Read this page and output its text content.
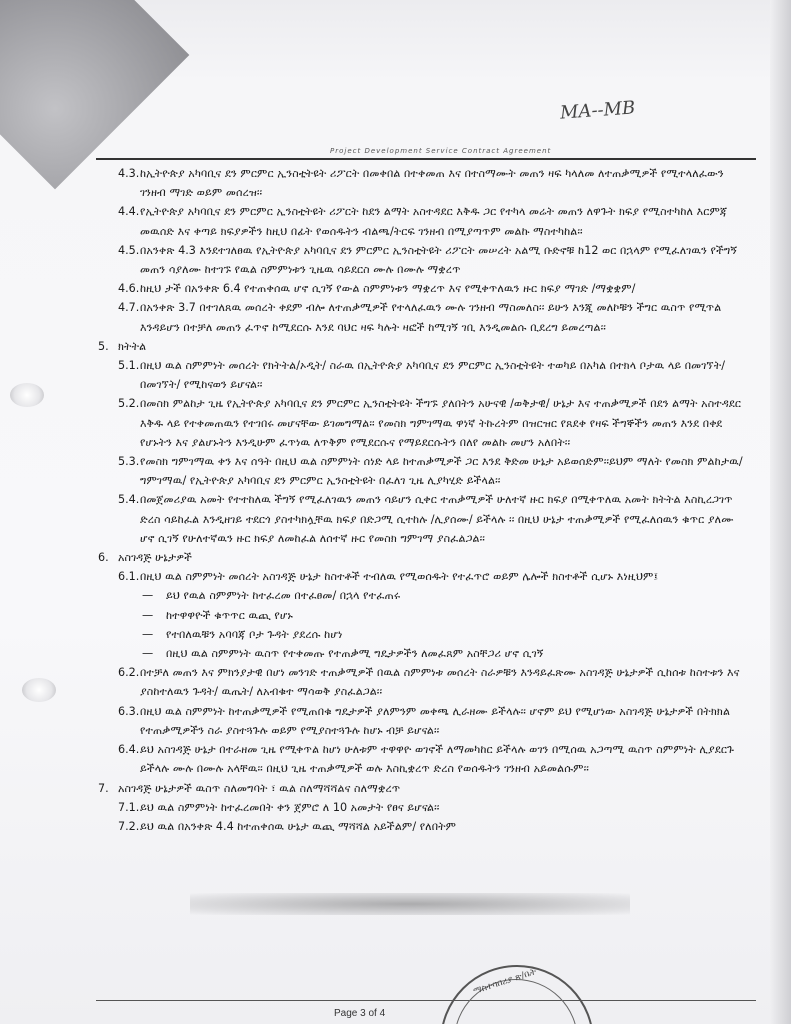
MA--MB
Project Development Service Contract Agreement
4.3. ከኢትዮጵያ አካባቢና ደን ምርምር ኢንስቲትዩት ሪፖርት በመቀበል በተቀመጠ እና በተስማሙት መጠን ዛፍ ካላለመ ለተጠቃሚዎች የሚተላለፈውን ገንዘብ ማገድ ወይም መሰረዝ፡፡
4.4. የኢትዮጵያ አካባቢና ደን ምርምር ኢንስቲትዩት ሪፖርት ከደን ልማት አስተዳደር እቅዱ ጋር የተካላ መሬት መጠን ለዋጉት ክፍያ የሚስተካከለ እርምጃ መዉሰድ እና ቀጣይ ክፍያዎችን ከዚህ በፊት የወሰዱትን ብልጫ/ትርፍ ገንዘብ በሚያጣጥም መልኩ ማስተካከል፡፡
4.5. በአንቀጽ 4.3 እንደተገለፀዉ የኢትዮጵያ አካባቢና ደን ምርምር ኢንስቲትዩት ሪፖርት መሠረት አልሚ ቡድኖቹ ከ12 ወር በኋላም የሚፈለገዉን የችግኝ መጠን ሳያለሙ ከተገኙ የዉል ስምምነቱን ጊዜዉ ሳይደርስ ሙሉ በሙሉ ማቋረጥ
4.6. ከዚህ ታች በአንቀጽ 6.4 የተጠቀሰዉ ሆኖ ሲገኝ የውል ስምምነቱን ማቋረጥ እና የሚቀጥለዉን ዙር ክፍያ ማገድ /ማቋቋም/
4.7. በአንቀጽ 3.7 በተገለጸዉ መሰረት ቀደም ብሎ ለተጠቃሚዎች የተላለፈዉን ሙሉ ገንዘብ ማስመለስ፡፡ ይሁን እንጂ መለኮቹን ችግር ዉስጥ የሚጥል እንዳይሆን በተቻለ መጠን ፈጥኖ ከሚደርሱ እንደ ባህር ዛፍ ካሉት ዛፎች ከሚገኝ ገቢ እንዲመልሱ ቢደረግ ይመረጣል፡፡
5. ክትትል
5.1. በዚህ ዉል ስምምነት መሰረት የክትትል/ኦዲት/ ስራዉ በኢትዮጵያ አካባቢና ደን ምርምር ኢንስቲትዩት ተወካይ በአካል በተክላ ቦታዉ ላይ በመገኘት/በመገኘት/ የሚከናወን ይሆናል፡፡
5.2. በመስክ ምልከታ ጊዜ የኢትዮጵያ አካባቢና ደን ምርምር ኢንስቲትዩት ችግኙ ያለበትን አሁናዊ /ወቅታዊ/ ሁኔታ እና ተጠቃሚዎች በደን ልማት አስተዳደር እቅዱ ላይ የተቀመጠዉን የተገበሩ መሆናቸው ይገመግማል፡፡ የመስክ ግምገማዉ ዋነኛ ትኩረትም በዝርዝር የጸደቀ የዛፍ ችግኞችን መጠን እንደ በቀደ የሆኑትን እና ያልሆኑትን እንዲሁም ፈጥነዉ ለጥቅም የሚደርሱና የማይደርሱትን በለየ መልኩ መሆን አለበት፡፡
5.3. የመስክ ግምገማዉ ቀን እና ሰዓት በዚህ ዉል ስምምነት ሰነድ ላይ ከተጠቃሚዎች ጋር እንደ ቅድመ ሁኔታ አይወሰድም፡፡ይህም ማለት የመስክ ምልከታዉ/ግምገማዉ/ የኢትዮጵያ አካባቢና ደን ምርምር ኢንስቲትዩት በፈለገ ጊዜ ሊያካሂድ ይችላል፡፡
5.4. በመጀመሪያዉ አመት የተተከለዉ ችግኝ የሚፈለገዉን መጠን ሳይሆን ሲቀር ተጠቃሚዎች ሁለተኛ ዙር ክፍያ በሚቀጥለዉ አመት ክትትል እስኪረጋገጥ ድረስ ሳይከፈል እንዲዘገይ ተደርጎ ያስተካክሏቸዉ ክፍያ በድጋሚ ሲተከሉ /ሊያሰሙ/ ይችላሉ ፡፡ በዚህ ሁኔታ ተጠቃሚዎች የሚፈለሰዉን ቁጥር ያለሙ ሆኖ ሲገኝ የሁለተኛዉን ዙር ክፍያ ለመከፈል ለሰተኛ ዙር የመስክ ግምገማ ያስፈልጋል፡፡
6. አስገዳጅ ሁኔታዎች
6.1. በዚህ ዉል ስምምነት መሰረት አስገዳጅ ሁኔታ ከስተቶች ተብለዉ የሚወሰዱት የተፈጥሮ ወይም ሌሎች ክስተቶች ሲሆኑ እነዚህም፤
— ይህ የዉል ስምምነት ከተፈረመ በተፈፀመ/ በኋላ የተፈጠሩ
— ከተዋዋዮች ቁጥጥር ዉጪ የሆኑ
— የተበለዉቹን አባባጃ ቦታ ጉዳት ያደረሱ ከሆነ
— በዚህ ዉል ስምምነት ዉስጥ የተቀመጡ የተጠቃሚ ግዴታዎችን ለመፈጸም አስቸጋሪ ሆኖ ሲገኝ
6.2. በተቻለ መጠን እና ምክንያታዊ በሆነ መንገድ ተጠቃሚዎች በዉል ስምምነቱ መሰረት ስራዎቹን እንዳይፈጽሙ አስገዳጅ ሁኔታዎች ሲከሰቱ ከስተቱን እና ያስከተለዉን ጉዳት/ ዉጤት/ ለአብቁተ ማሳወቅ ያስፈልጋል፡፡
6.3. በዚህ ዉል ስምምነት ከተጠቃሚዎች የሚጠበቁ ግዴታዎች ያለምንም መቀጫ ሊራዘሙ ይችላሉ፡፡ ሆኖም ይህ የሚሆነው አስገዳጅ ሁኔታዎች በትክክል የተጠቃሚዎችን ስራ ያስተጓጉሉ ወይም የሚያስተጓጉሉ ከሆኑ ብቻ ይሆናል፡፡
6.4. ይህ አስገዳጅ ሁኔታ በተራዘመ ጊዜ የሚቀጥል ከሆነ ሁለቱም ተዋዋዮ ወገኖች ለማመካከር ይችላሉ ወገን በሚሰዉ አጋጣሚ ዉስጥ ስምምነት ሊያደርጉ ይችላሉ ሙሉ በሙሉ አላቸዉ፡፡ በዚህ ጊዜ ተጠቃሚዎች ወሉ እስኪቋረጥ ድረስ የወሰዱትን ገንዘብ አይመልሱም፡፡
7. አስገዳጅ ሁኔታዎች ዉስጥ ስለመግባት ፣ ዉል ስለማሻሻልና ስለማቋረጥ
7.1. ይህ ዉል ስምምነት ከተፈረመበት ቀን ጀምሮ ለ 10 አመታት የፀና ይሆናል፡፡
7.2. ይህ ዉል በአንቀጽ 4.4 ከተጠቀሰዉ ሁኔታ ዉጪ ማሻሻል አይችልም/ የለበትም
Page 3 of 4
ማስተባበሪያ ጽ/ቤት
